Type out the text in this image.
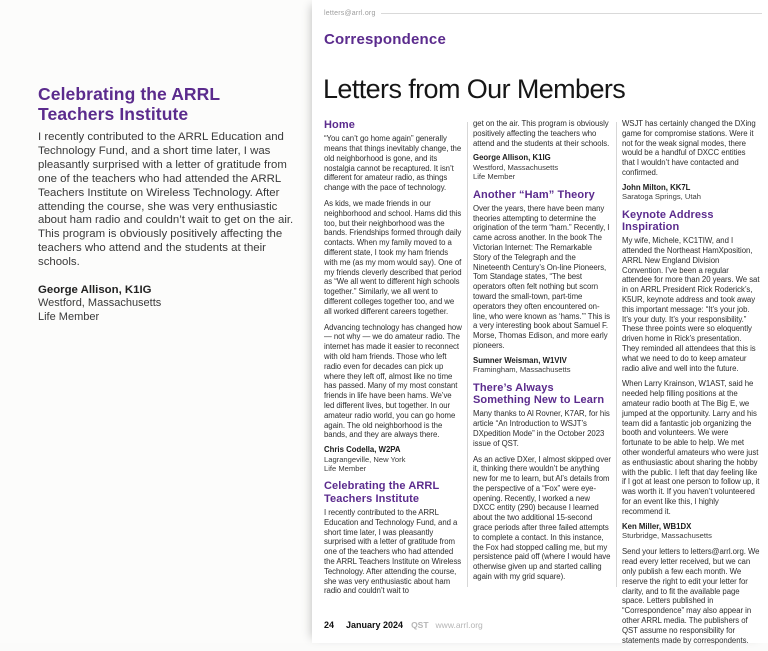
Celebrating the ARRL Teachers Institute

I recently contributed to the ARRL Education and Technology Fund, and a short time later, I was pleasantly surprised with a letter of gratitude from one of the teachers who had attended the ARRL Teachers Institute on Wireless Technology. After attending the course, she was very enthusiastic about ham radio and couldn’t wait to get on the air. This program is obviously positively affecting the teachers who attend and the students at their schools.

George Allison, K1IG
Westford, Massachusetts
Life Member
letters@arrl.org
Correspondence
Letters from Our Members
Home

“You can’t go home again” generally means that things inevitably change, the old neighborhood is gone, and its nostalgia cannot be recaptured. It isn’t different for amateur radio, as things change with the pace of technology.

As kids, we made friends in our neighborhood and school. Hams did this too, but their neighborhood was the bands. Friendships formed through daily contacts. When my family moved to a different state, I took my ham friends with me (as my mom would say). One of my friends cleverly described that period as “We all went to different high schools together.” Similarly, we all went to different colleges together too, and we all worked different careers together.

Advancing technology has changed how — not why — we do amateur radio. The internet has made it easier to reconnect with old ham friends. Those who left radio even for decades can pick up where they left off, almost like no time has passed. Many of my most constant friends in life have been hams. We’ve led different lives, but together. In our amateur radio world, you can go home again. The old neighborhood is the bands, and they are always there.

Chris Codella, W2PA
Lagrangeville, New York
Life Member
Celebrating the ARRL Teachers Institute

I recently contributed to the ARRL Education and Technology Fund, and a short time later, I was pleasantly surprised with a letter of gratitude from one of the teachers who had attended the ARRL Teachers Institute on Wireless Technology. After attending the course, she was very enthusiastic about ham radio and couldn’t wait to

get on the air. This program is obviously positively affecting the teachers who attend and the students at their schools.

George Allison, K1IG
Westford, Massachusetts
Life Member
Another “Ham” Theory

Over the years, there have been many theories attempting to determine the origination of the term “ham.” Recently, I came across another. In the book The Victorian Internet: The Remarkable Story of the Telegraph and the Nineteenth Century’s On-line Pioneers, Tom Standage states, “The best operators often felt nothing but scorn toward the small-town, part-time operators they often encountered on-line, who were known as ‘hams.’” This is a very interesting book about Samuel F. Morse, Thomas Edison, and more early pioneers.

Sumner Weisman, W1VIV
Framingham, Massachusetts
There’s Always Something New to Learn

Many thanks to Al Rovner, K7AR, for his article “An Introduction to WSJT’s DXpedition Mode” in the October 2023 issue of QST.

As an active DXer, I almost skipped over it, thinking there wouldn’t be anything new for me to learn, but Al’s details from the perspective of a “Fox” were eye-opening. Recently, I worked a new DXCC entity (290) because I learned about the two additional 15-second grace periods after three failed attempts to complete a contact. In this instance, the Fox had stopped calling me, but my persistence paid off (where I would have otherwise given up and started calling again with my grid square).

WSJT has certainly changed the DXing game for compromise stations. Were it not for the weak signal modes, there would be a handful of DXCC entities that I wouldn’t have contacted and confirmed.

John Milton, KK7L
Saratoga Springs, Utah
Keynote Address Inspiration

My wife, Michele, KC1TIW, and I attended the Northeast HamXposition, ARRL New England Division Convention. I’ve been a regular attendee for more than 20 years. We sat in on ARRL President Rick Roderick’s, K5UR, keynote address and took away this important message: “It’s your job. It’s your duty. It’s your responsibility.” These three points were so eloquently driven home in Rick’s presentation. They reminded all attendees that this is what we need to do to keep amateur radio alive and well into the future.

When Larry Krainson, W1AST, said he needed help filling positions at the amateur radio booth at The Big E, we jumped at the opportunity. Larry and his team did a fantastic job organizing the booth and volunteers. We were fortunate to be able to help. We met other wonderful amateurs who were just as enthusiastic about sharing the hobby with the public. I left that day feeling like if I got at least one person to follow up, it was worth it. If you haven’t volunteered for an event like this, I highly recommend it.

Ken Miller, WB1DX
Sturbridge, Massachusetts

Send your letters to letters@arrl.org. We read every letter received, but we can only publish a few each month. We reserve the right to edit your letter for clarity, and to fit the available page space. Letters published in “Correspondence” may also appear in other ARRL media. The publishers of QST assume no responsibility for statements made by correspondents.

24 January 2024 QST www.arrl.org
